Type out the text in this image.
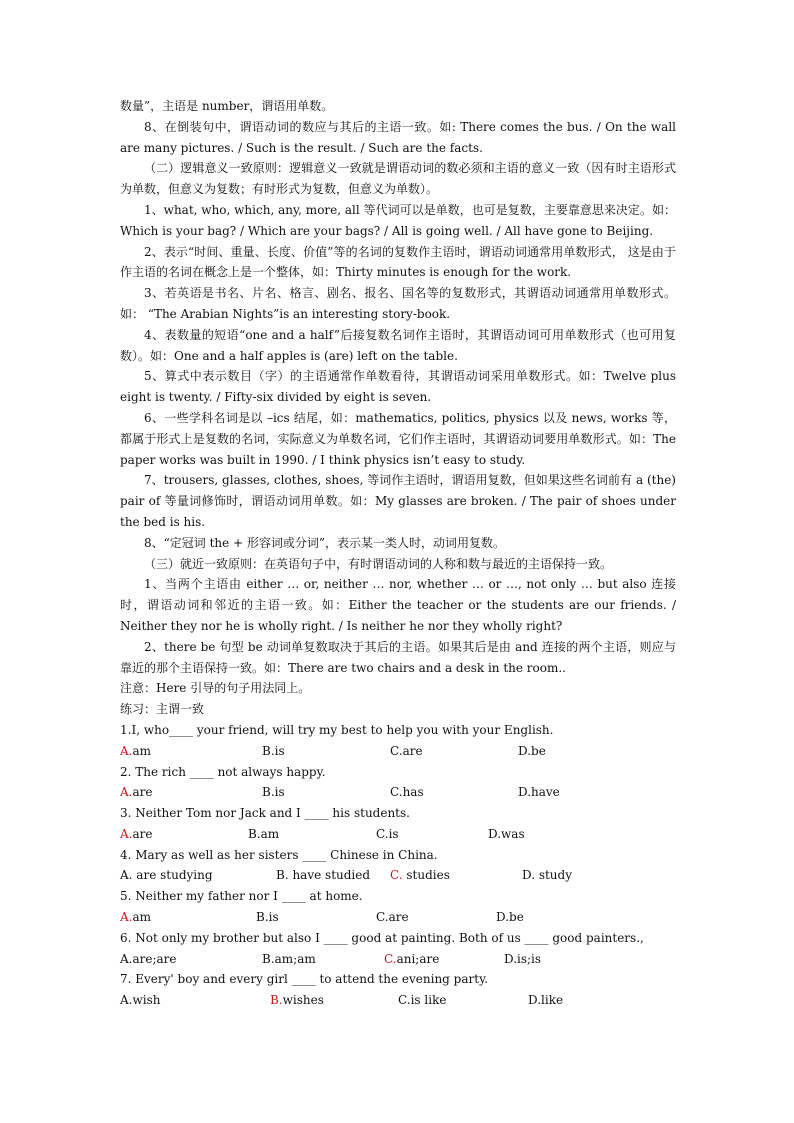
数量”，主语是 number，谓语用单数。

8、在倒装句中，谓语动词的数应与其后的主语一致。如: There comes the bus. / On the wall are many pictures. / Such is the result. / Such are the facts.

（二）逻辑意义一致原则：逻辑意义一致就是谓语动词的数必须和主语的意义一致（因有时主语形式为单数，但意义为复数；有时形式为复数，但意义为单数）。

1、what, who, which, any, more, all 等代词可以是单数，也可是复数，主要靠意思来决定。如：Which is your bag? / Which are your bags? / All is going well. / All have gone to Beijing.

2、表示“时间、重量、长度、价值”等的名词的复数作主语时，谓语动词通常用单数形式， 这是由于作主语的名词在概念上是一个整体，如：Thirty minutes is enough for the work.

3、若英语是书名、片名、格言、剧名、报名、国名等的复数形式，其谓语动词通常用单数形式。如： “The Arabian Nights”is an interesting story-book.

4、表数量的短语“one and a half”后接复数名词作主语时，其谓语动词可用单数形式（也可用复数）。如：One and a half apples is (are) left on the table.

5、算式中表示数目（字）的主语通常作单数看待，其谓语动词采用单数形式。如：Twelve plus eight is twenty. / Fifty-six divided by eight is seven.

6、一些学科名词是以 –ics 结尾，如：mathematics, politics, physics 以及 news, works 等，都属于形式上是复数的名词，实际意义为单数名词，它们作主语时，其谓语动词要用单数形式。如：The paper works was built in 1990. / I think physics isn’t easy to study.

7、trousers, glasses, clothes, shoes, 等词作主语时，谓语用复数，但如果这些名词前有 a (the) pair of 等量词修饰时，谓语动词用单数。如：My glasses are broken. / The pair of shoes under the bed is his.

8、“定冠词 the + 形容词或分词”，表示某一类人时，动词用复数。

（三）就近一致原则：在英语句子中，有时谓语动词的人称和数与最近的主语保持一致。

1、当两个主语由 either … or, neither … nor, whether … or …, not only … but also 连接时，谓语动词和邻近的主语一致。如：Either the teacher or the students are our friends. / Neither they nor he is wholly right. / Is neither he nor they wholly right?

2、there be 句型 be 动词单复数取决于其后的主语。如果其后是由 and 连接的两个主语，则应与靠近的那个主语保持一致。如：There are two chairs and a desk in the room..

注意：Here 引导的句子用法同上。

练习：主谓一致

1.I, who____ your friend, will try my best to help you with your English.

A.am	B.is	C.are	D.be

2. The rich ____ not always happy.

A.are	B.is	C.has	D.have

3. Neither Tom nor Jack and I ____ his students.

A.are	B.am	C.is	D.was

4. Mary as well as her sisters ____ Chinese in China.

A. are studying	B. have studied	C. studies	D. study

5. Neither my father nor I ____ at home.

A.am	B.is	C.are	D.be

6. Not only my brother but also I ____ good at painting. Both of us ____ good painters.,

A.are;are	B.am;am	C.ani;are	D.is;is

7. Every' boy and every girl ____ to attend the evening party.

A.wish	B.wishes	C.is like	D.like
